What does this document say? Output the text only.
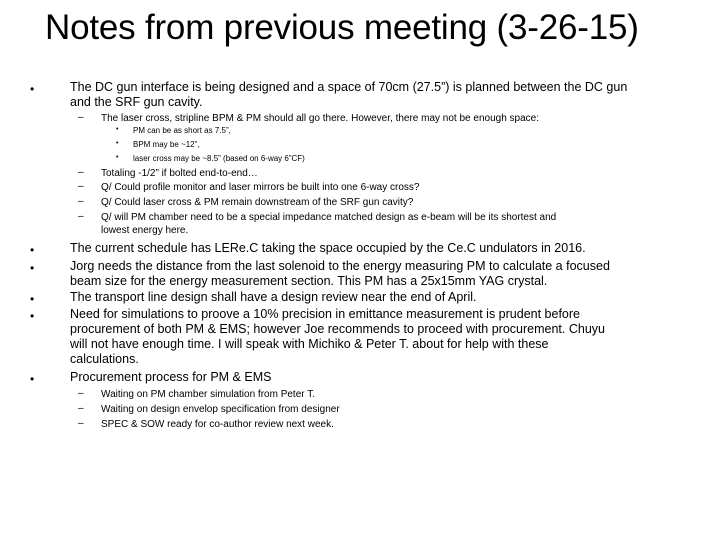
Notes from previous meeting (3-26-15)
•	The DC gun interface is being designed and a space of 70cm (27.5”) is planned between the DC gun
and the SRF gun cavity.
– The laser cross, stripline BPM & PM should all go there. However, there may not be enough space:
• PM can be as short as 7.5”,
• BPM may be ~12”,
• laser cross may be ~8.5” (based on 6-way 6”CF)
– Totaling -1/2” if bolted end-to-end…
– Q/ Could profile monitor and laser mirrors be built into one 6-way cross?
– Q/ Could laser cross & PM remain downstream of the SRF gun cavity?
– Q/ will PM chamber need to be a special impedance matched design as e-beam will be its shortest and
lowest energy here.
•	The current schedule has LERe.C taking the space occupied by the Ce.C undulators in 2016.
•	Jorg needs the distance from the last solenoid to the energy measuring PM to calculate a focused
beam size for the energy measurement section. This PM has a 25x15mm YAG crystal.
•	The transport line design shall have a design review near the end of April.
•	Need for simulations to proove a 10% precision in emittance measurement is prudent before
procurement of both PM & EMS; however Joe recommends to proceed with procurement. Chuyu
will not have enough time. I will speak with Michiko & Peter T. about for help with these
calculations.
•	Procurement process for PM & EMS
– Waiting on PM chamber simulation from Peter T.
– Waiting on design envelop specification from designer
– SPEC & SOW ready for co-author review next week.
